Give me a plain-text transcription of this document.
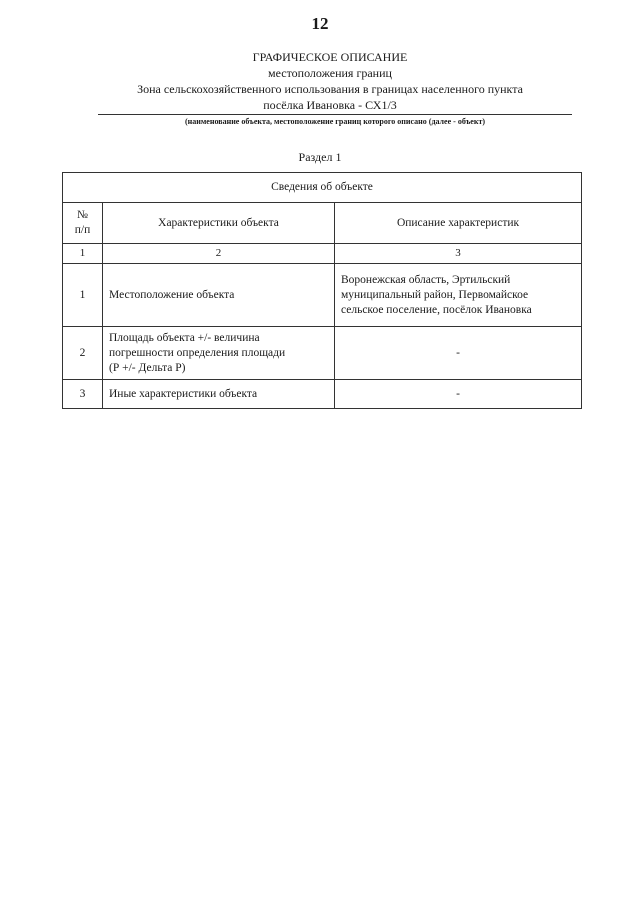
12
ГРАФИЧЕСКОЕ ОПИСАНИЕ
местоположения границ
Зона сельскохозяйственного использования в границах населенного пункта
посёлка Ивановка - СХ1/3
(наименование объекта, местоположение границ которого описано (далее - объект)
Раздел 1
Сведения об объекте		

№
п/п	Характеристики объекта	Описание характеристик
1	2	3
1	Местоположение объекта	Воронежская область, Эртильский
муниципальный район, Первомайское
сельское поселение, посёлок Ивановка

2	Площадь объекта +/- величина
погрешности определения площади
(Р +/- Дельта Р)	-
3	Иные характеристики объекта	-
